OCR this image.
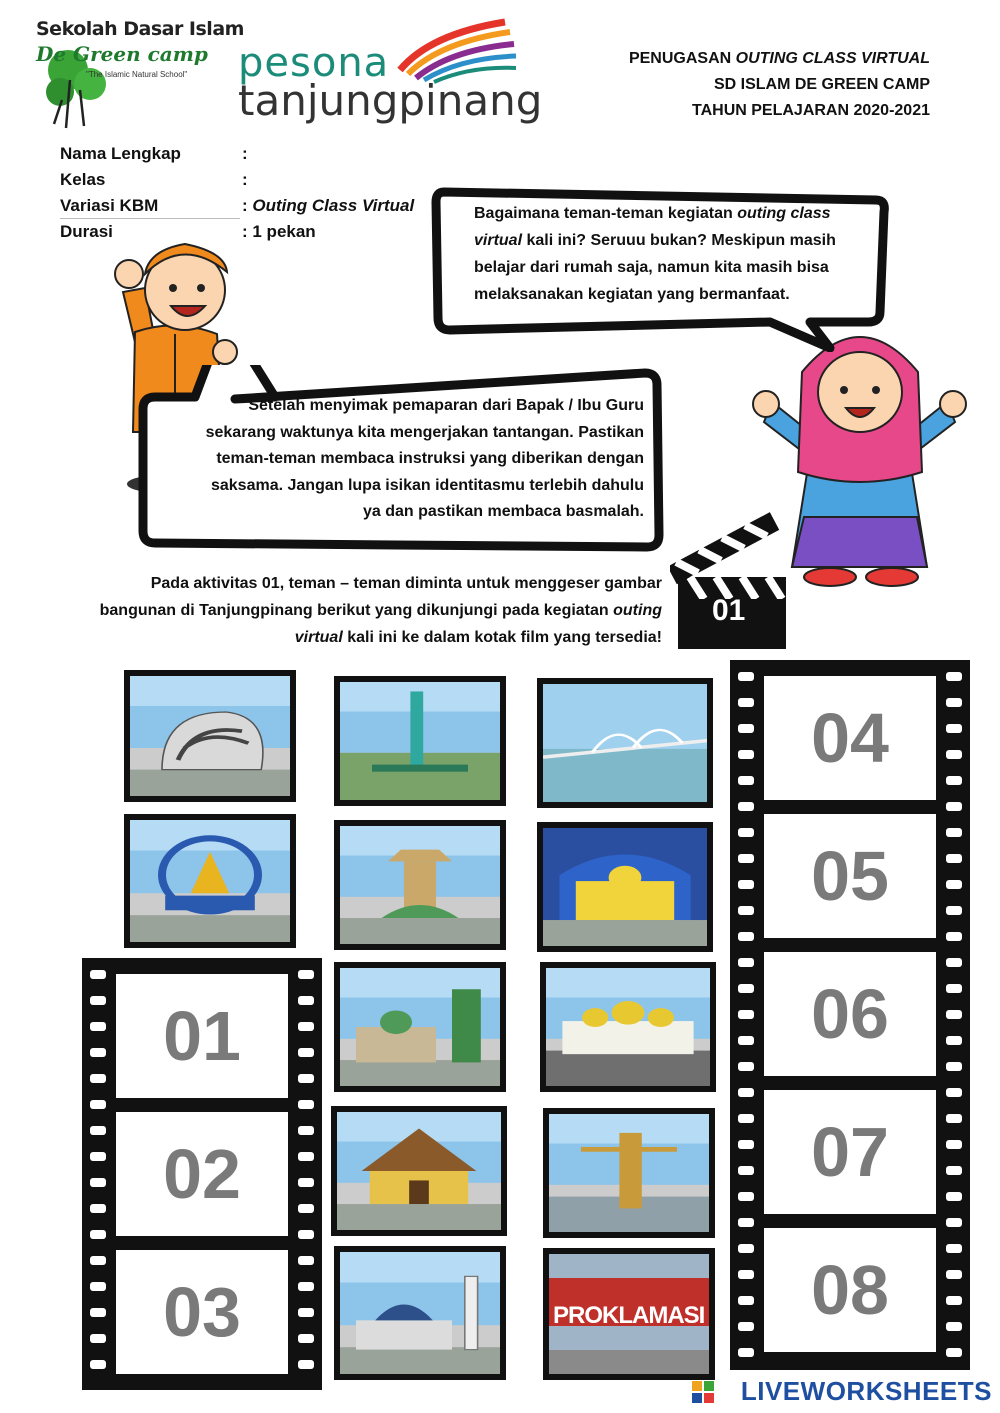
Sekolah Dasar Islam
De Green camp
"The Islamic Natural School" pesona
tanjungpinang
PENUGASAN OUTING CLASS VIRTUAL
SD ISLAM DE GREEN CAMP
TAHUN PELAJARAN 2020-2021
Nama Lengkap	:
Kelas	:
Variasi KBM	: Outing Class Virtual
Durasi	: 1 pekan
Bagaimana teman-teman kegiatan outing class virtual kali ini? Seruuu bukan? Meskipun masih belajar dari rumah saja, namun kita masih bisa melaksanakan kegiatan yang bermanfaat.
Setelah menyimak pemaparan dari Bapak / Ibu Guru sekarang waktunya kita mengerjakan tantangan. Pastikan teman-teman membaca instruksi yang diberikan dengan saksama. Jangan lupa isikan identitasmu terlebih dahulu ya dan pastikan membaca basmalah.
Pada aktivitas 01, teman – teman diminta untuk menggeser gambar bangunan di Tanjungpinang berikut yang dikunjungi pada kegiatan outing virtual kali ini ke dalam kotak film yang tersedia!
01
PROKLAMASI
01
02
03
04
05
06
07
08
LIVEWORKSHEETS
